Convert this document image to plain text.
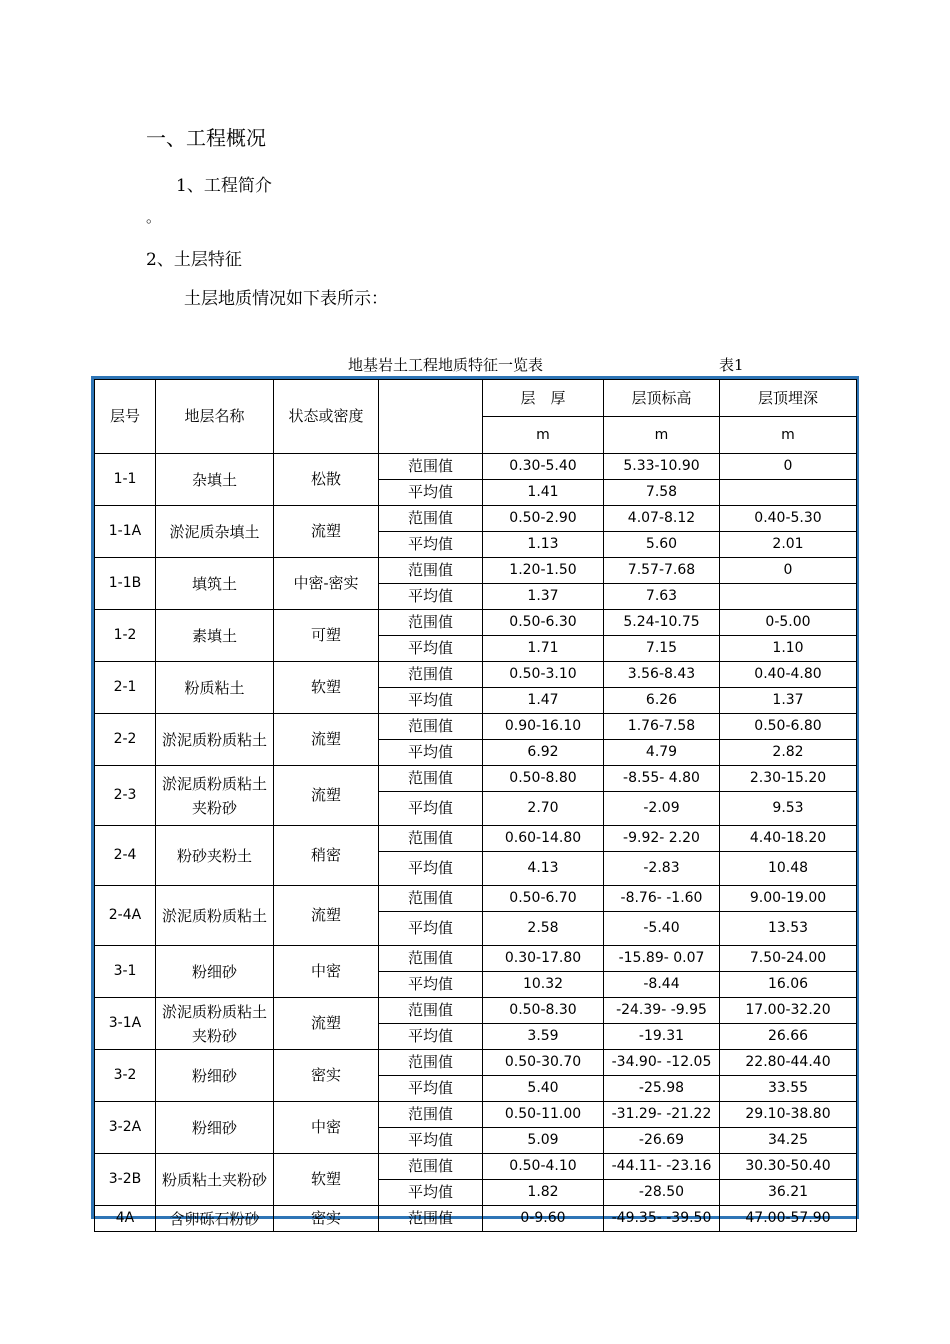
一、工程概况
1、工程简介
。
2、土层特征
土层地质情况如下表所示：
地基岩土工程地质特征一览表	表1
层号	地层名称	状态或密度		层　厚	层顶标高	层顶埋深
				m	m	m
1-1	杂填土	松散	范围值	0.30-5.40	5.33-10.90	0
			平均值	1.41	7.58	
1-1A	淤泥质杂填土	流塑	范围值	0.50-2.90	4.07-8.12	0.40-5.30
			平均值	1.13	5.60	2.01
1-1B	填筑土	中密-密实	范围值	1.20-1.50	7.57-7.68	0
			平均值	1.37	7.63	
1-2	素填土	可塑	范围值	0.50-6.30	5.24-10.75	0-5.00
			平均值	1.71	7.15	1.10
2-1	粉质粘土	软塑	范围值	0.50-3.10	3.56-8.43	0.40-4.80
			平均值	1.47	6.26	1.37
2-2	淤泥质粉质粘土	流塑	范围值	0.90-16.10	1.76-7.58	0.50-6.80
			平均值	6.92	4.79	2.82
2-3	淤泥质粉质粘土夹粉砂	流塑	范围值	0.50-8.80	-8.55- 4.80	2.30-15.20
			平均值	2.70	-2.09	9.53
2-4	粉砂夹粉土	稍密	范围值	0.60-14.80	-9.92- 2.20	4.40-18.20
			平均值	4.13	-2.83	10.48
2-4A	淤泥质粉质粘土	流塑	范围值	0.50-6.70	-8.76- -1.60	9.00-19.00
			平均值	2.58	-5.40	13.53
3-1	粉细砂	中密	范围值	0.30-17.80	-15.89- 0.07	7.50-24.00
			平均值	10.32	-8.44	16.06
3-1A	淤泥质粉质粘土夹粉砂	流塑	范围值	0.50-8.30	-24.39- -9.95	17.00-32.20
			平均值	3.59	-19.31	26.66
3-2	粉细砂	密实	范围值	0.50-30.70	-34.90- -12.05	22.80-44.40
			平均值	5.40	-25.98	33.55
3-2A	粉细砂	中密	范围值	0.50-11.00	-31.29- -21.22	29.10-38.80
			平均值	5.09	-26.69	34.25
3-2B	粉质粘土夹粉砂	软塑	范围值	0.50-4.10	-44.11- -23.16	30.30-50.40
			平均值	1.82	-28.50	36.21
4A	含卵砾石粉砂	密实	范围值	0-9.60	-49.35- -39.50	47.00-57.90
